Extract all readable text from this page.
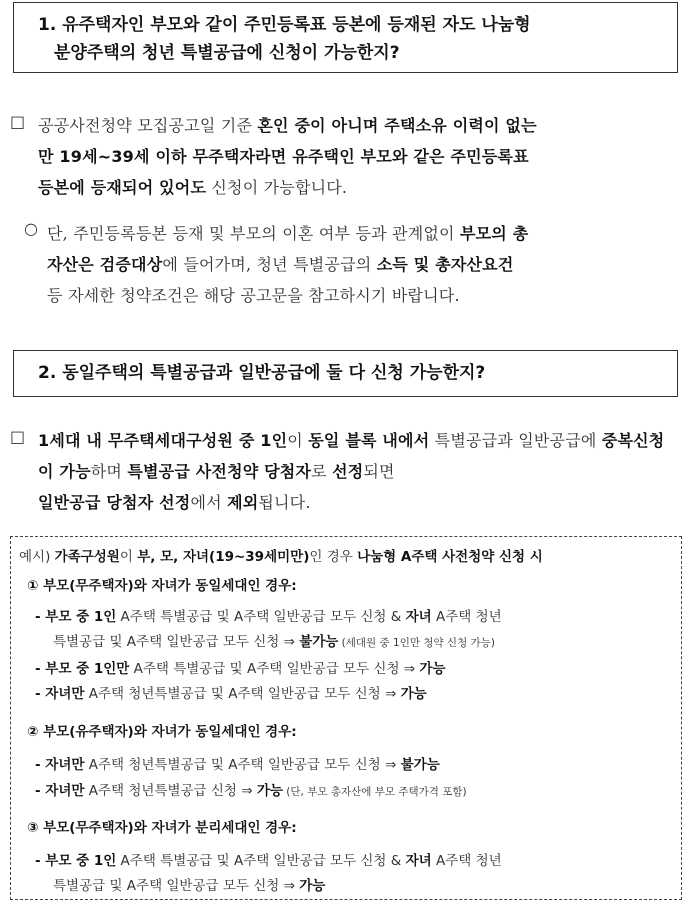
1. 유주택자인 부모와 같이 주민등록표 등본에 등재된 자도 나눔형
분양주택의 청년 특별공급에 신청이 가능한지?
□ 공공사전청약 모집공고일 기준 혼인 중이 아니며 주택소유 이력이 없는
만 19세~39세 이하 무주택자라면 유주택인 부모와 같은 주민등록표
등본에 등재되어 있어도 신청이 가능합니다.
○ 단, 주민등록등본 등재 및 부모의 이혼 여부 등과 관계없이 부모의 총
자산은 검증대상에 들어가며, 청년 특별공급의 소득 및 총자산요건
등 자세한 청약조건은 해당 공고문을 참고하시기 바랍니다.
2. 동일주택의 특별공급과 일반공급에 둘 다 신청 가능한지?
□ 1세대 내 무주택세대구성원 중 1인이 동일 블록 내에서 특별공급과 일반공급에 중복신청이 가능하며 특별공급 사전청약 당첨자로 선정되면
일반공급 당첨자 선정에서 제외됩니다.
예시) 가족구성원이 부, 모, 자녀(19~39세미만)인 경우 나눔형 A주택 사전청약 신청 시
① 부모(무주택자)와 자녀가 동일세대인 경우:
- 부모 중 1인 A주택 특별공급 및 A주택 일반공급 모두 신청 & 자녀 A주택 청년
특별공급 및 A주택 일반공급 모두 신청 ⇒ 불가능 (세대원 중 1인만 청약 신청 가능)
- 부모 중 1인만 A주택 특별공급 및 A주택 일반공급 모두 신청 ⇒ 가능
- 자녀만 A주택 청년특별공급 및 A주택 일반공급 모두 신청 ⇒ 가능
② 부모(유주택자)와 자녀가 동일세대인 경우:
- 자녀만 A주택 청년특별공급 및 A주택 일반공급 모두 신청 ⇒ 불가능
- 자녀만 A주택 청년특별공급 신청 ⇒ 가능 (단, 부모 총자산에 부모 주택가격 포함)
③ 부모(무주택자)와 자녀가 분리세대인 경우:
- 부모 중 1인 A주택 특별공급 및 A주택 일반공급 모두 신청 & 자녀 A주택 청년
특별공급 및 A주택 일반공급 모두 신청 ⇒ 가능
